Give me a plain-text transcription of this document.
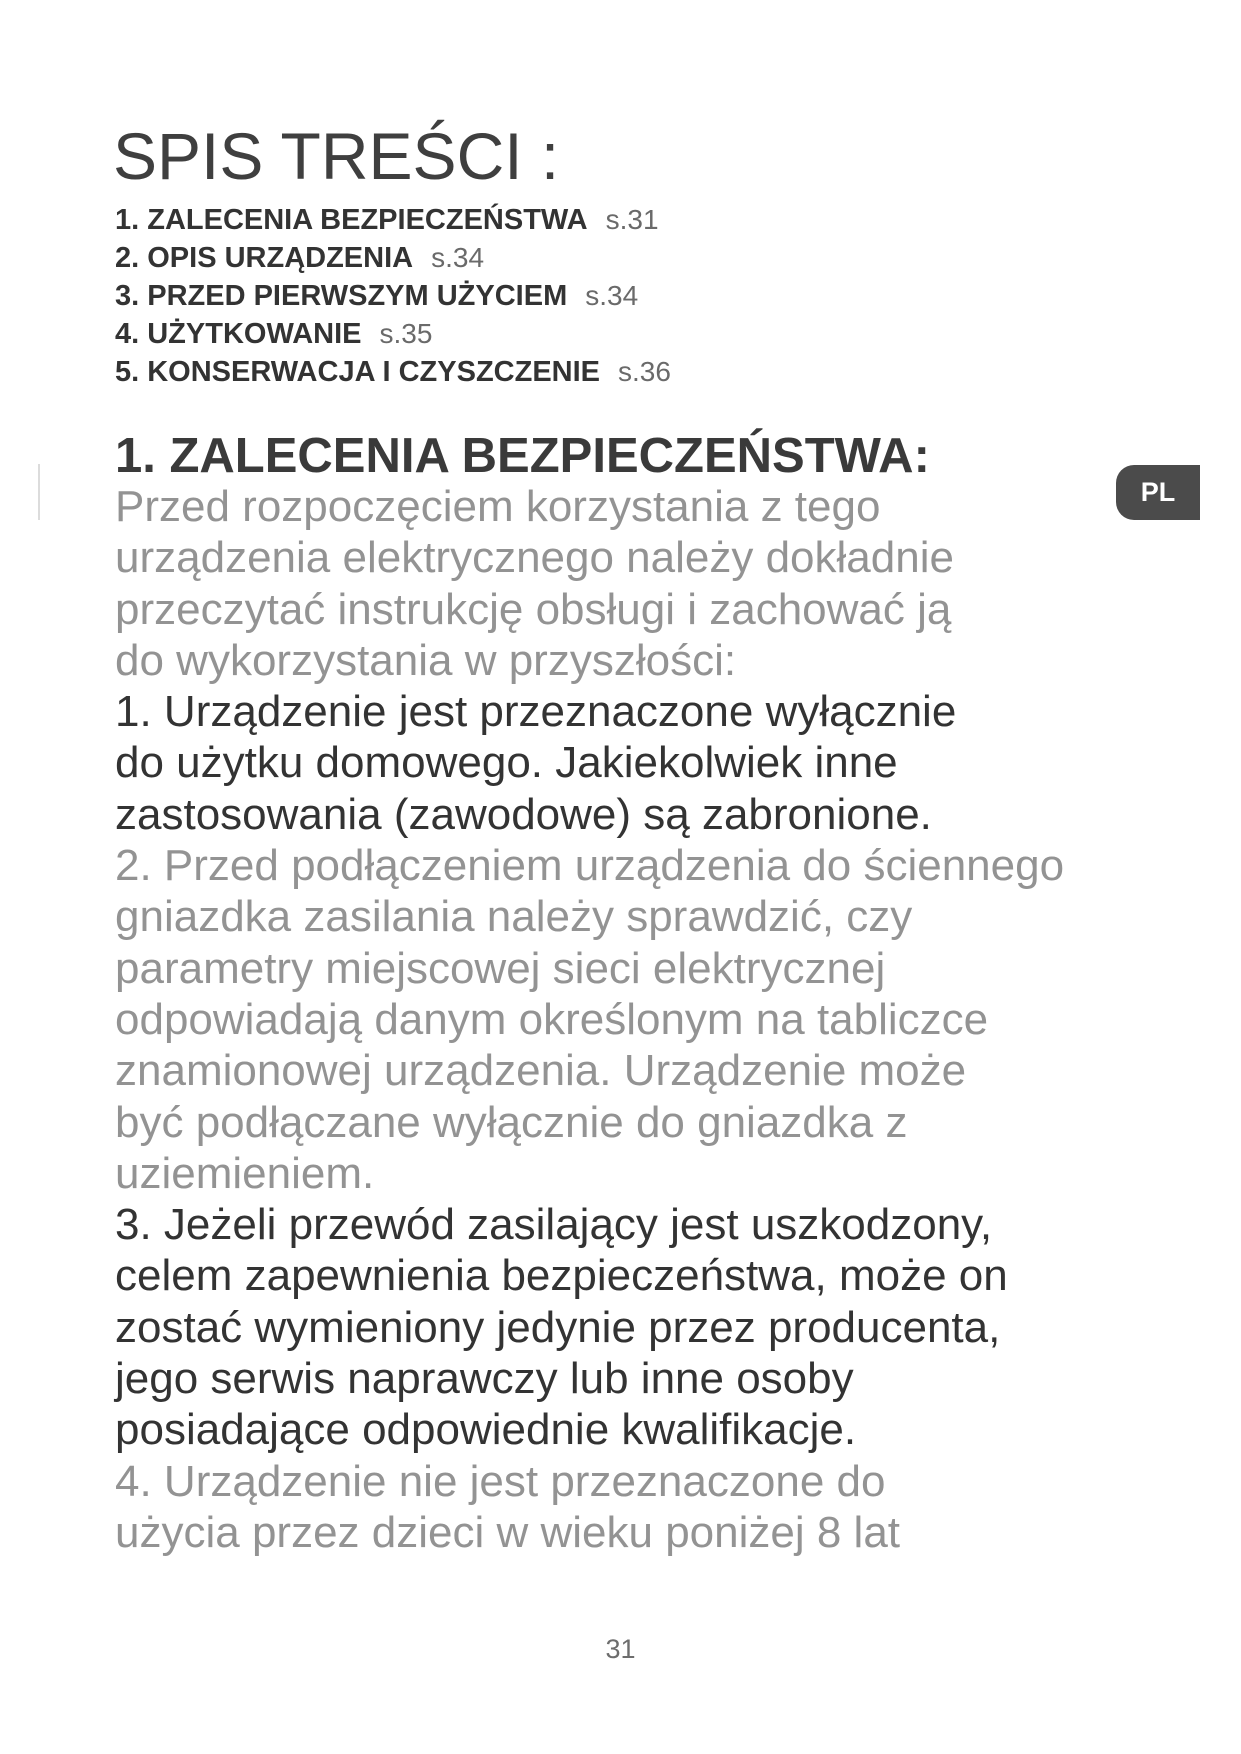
SPIS TREŚCI :
1. ZALECENIA BEZPIECZEŃSTWA s.31
2. OPIS URZĄDZENIA s.34
3. PRZED PIERWSZYM UŻYCIEM s.34
4. UŻYTKOWANIE s.35
5. KONSERWACJA I CZYSZCZENIE s.36
1. ZALECENIA BEZPIECZEŃSTWA:

Przed rozpoczęciem korzystania z tego
urządzenia elektrycznego należy dokładnie
przeczytać instrukcję obsługi i zachować ją
do wykorzystania w przyszłości:

1. Urządzenie jest przeznaczone wyłącznie
do użytku domowego. Jakiekolwiek inne
zastosowania (zawodowe) są zabronione.

2. Przed podłączeniem urządzenia do ściennego
gniazdka zasilania należy sprawdzić, czy
parametry miejscowej sieci elektrycznej
odpowiadają danym określonym na tabliczce
znamionowej urządzenia. Urządzenie może
być podłączane wyłącznie do gniazdka z
uziemieniem.

3. Jeżeli przewód zasilający jest uszkodzony,
celem zapewnienia bezpieczeństwa, może on
zostać wymieniony jedynie przez producenta,
jego serwis naprawczy lub inne osoby
posiadające odpowiednie kwalifikacje.

4. Urządzenie nie jest przeznaczone do
użycia przez dzieci w wieku poniżej 8 lat

PL
31
